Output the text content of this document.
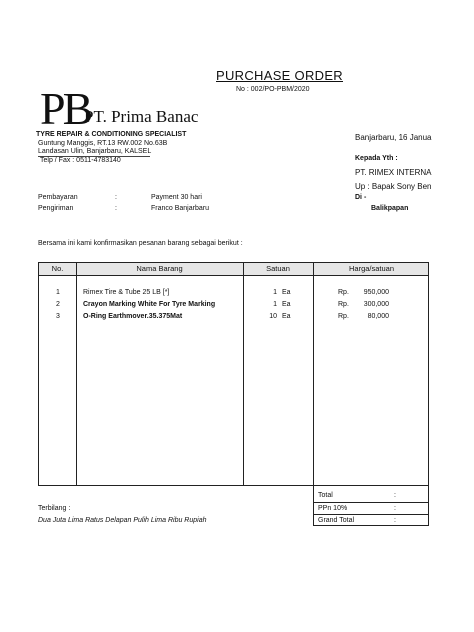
PURCHASE ORDER
No : 002/PO-PBM/2020
PB
PT. Prima Banac
TYRE REPAIR & CONDITIONING SPECIALIST
Guntung Manggis, RT.13 RW.002 No.63B
Landasan Ulin, Banjarbaru, KALSEL
Telp / Fax : 0511-4783140
Banjarbaru, 16 Janua
Kepada Yth :
PT. RIMEX INTERNA
Up : Bapak Sony Ben
Di -
Balikpapan
Pembayaran	:	Payment 30 hari
Pengiriman	:	Franco Banjarbaru
Bersama ini kami konfirmasikan pesanan barang sebagai berikut :
No.	Nama Barang	Satuan	Harga/satuan
1	Rimex Tire & Tube 25 LB [*]	1 Ea	Rp.	950,000
2	Crayon Marking White For Tyre Marking	1 Ea	Rp.	300,000
3	O-Ring Earthmover.35.375Mat	10 Ea	Rp.	80,000
Total	:
PPn 10%	:
Grand Total	:
Terbilang :
Dua Juta Lima Ratus Delapan Pulih Lima Ribu Rupiah
